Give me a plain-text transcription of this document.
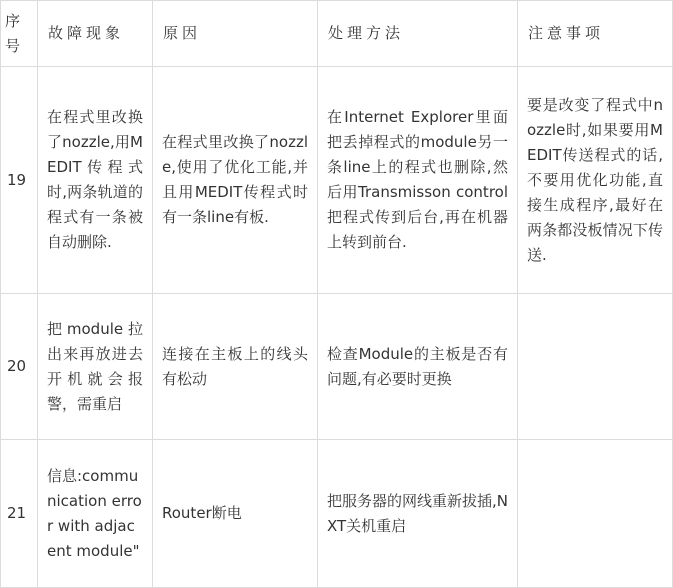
序号	故障现象	原因	处理方法	注意事项
19	在程式里改换了nozzle,用MEDIT传程式时,两条轨道的程式有一条被自动删除.	在程式里改换了nozzle,使用了优化工能,并且用MEDIT传程式时有一条line有板.	在Internet Explorer里面把丢掉程式的module另一条line上的程式也删除,然后用Transmisson control把程式传到后台,再在机器上转到前台.	要是改变了程式中nozzle时,如果要用MEDIT传送程式的话,不要用优化功能,直接生成程序,最好在两条都没板情况下传送.
20	把module拉出来再放进去开机就会报警，需重启	连接在主板上的线头有松动	检查Module的主板是否有问题,有必要时更换	
21	信息:communication error with adjacent module"	Router断电	把服务器的网线重新拔插,NXT关机重启	
